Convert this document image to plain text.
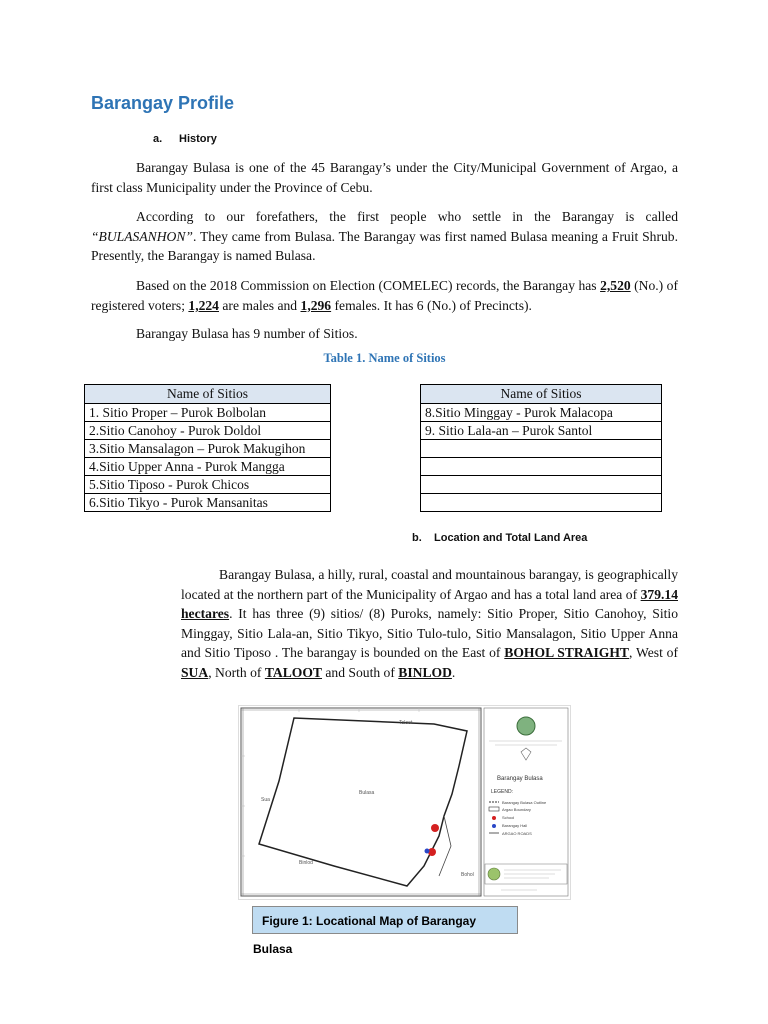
Barangay Profile
a. History
Barangay Bulasa is one of the 45 Barangay’s under the City/Municipal Government of Argao, a first class Municipality under the Province of Cebu.
According to our forefathers, the first people who settle in the Barangay is called “BULASANHON”. They came from Bulasa. The Barangay was first named Bulasa meaning a Fruit Shrub. Presently, the Barangay is named Bulasa.
Based on the 2018 Commission on Election (COMELEC) records, the Barangay has 2,520 (No.) of registered voters; 1,224 are males and 1,296 females. It has 6 (No.) of Precincts).
Barangay Bulasa has 9 number of Sitios.
Table 1. Name of Sitios
Name of Sitios
1. Sitio Proper – Purok Bolbolan
2.Sitio Canohoy - Purok Doldol
3.Sitio Mansalagon – Purok Makugihon
4.Sitio Upper Anna - Purok Mangga
5.Sitio Tiposo - Purok Chicos
6.Sitio Tikyo - Purok Mansanitas
Name of Sitios
8.Sitio Minggay - Purok Malacopa
9. Sitio Lala-an – Purok Santol

b. Location and Total Land Area
Barangay Bulasa, a hilly, rural, coastal and mountainous barangay, is geographically located at the northern part of the Municipality of Argao and has a total land area of 379.14 hectares. It has three (9) sitios/ (8) Puroks, namely: Sitio Proper, Sitio Canohoy, Sitio Minggay, Sitio Lala-an, Sitio Tikyo, Sitio Tulo-tulo, Sitio Mansalagon, Sitio Upper Anna and Sitio Tiposo . The barangay is bounded on the East of BOHOL STRAIGHT, West of SUA, North of TALOOT and South of BINLOD.
Sua
Taloot
Bulasa
Binlod
Bohol
Barangay Bulasa
LEGEND:
Barangay Bulasa Outline
Argao Boundary
School
Barangay Hall
ARGAO ROADS
Figure 1: Locational Map of Barangay Bulasa
